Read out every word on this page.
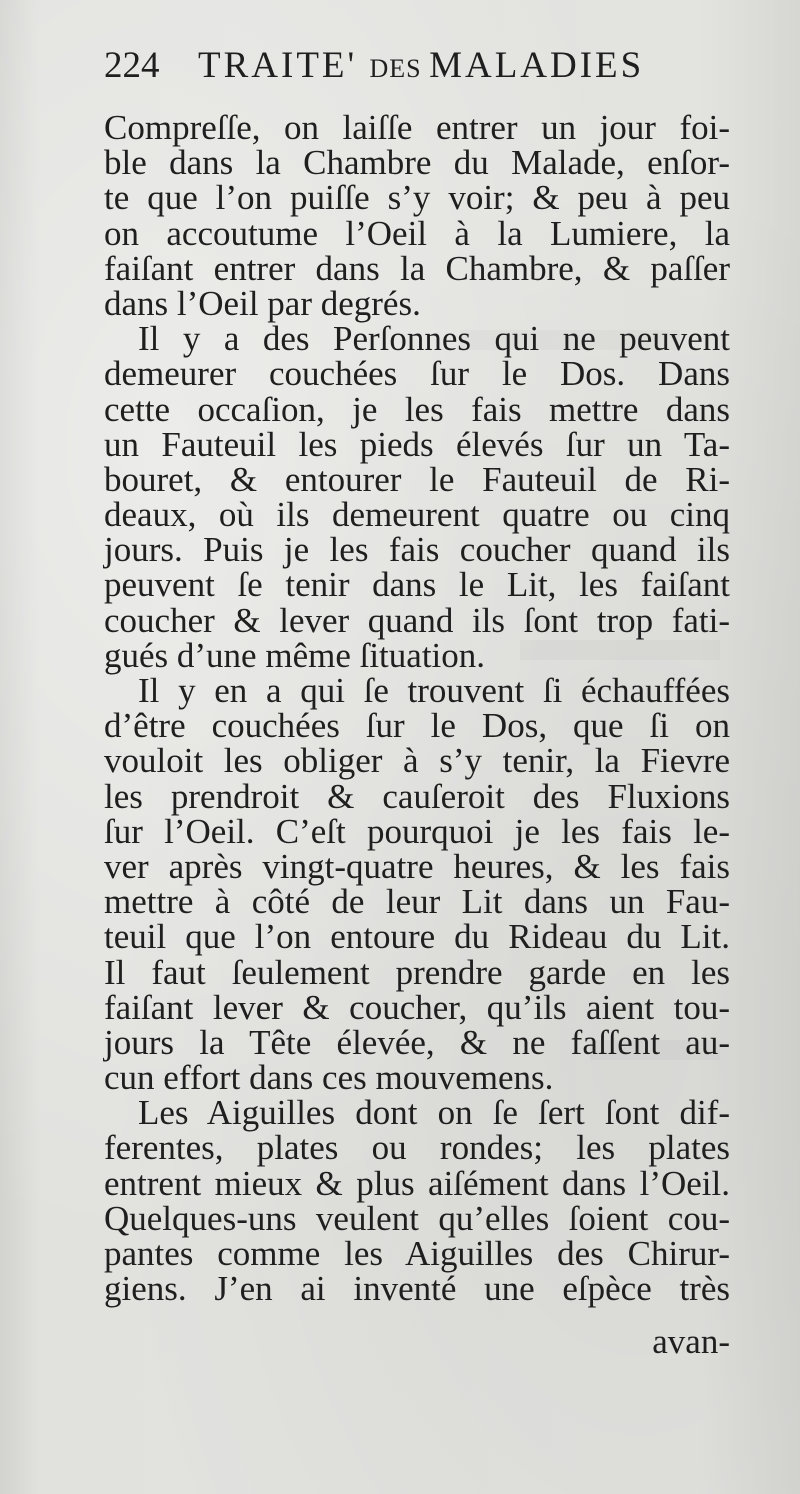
224 TRAITE' DES MALADIES
Compreſſe, on laiſſe entrer un jour foi-
ble dans la Chambre du Malade, enſor-
te que l’on puiſſe s’y voir; & peu à peu
on accoutume l’Oeil à la Lumiere, la
faiſant entrer dans la Chambre, & paſſer
dans l’Oeil par degrés.
Il y a des Perſonnes qui ne peuvent
demeurer couchées ſur le Dos. Dans
cette occaſion, je les fais mettre dans
un Fauteuil les pieds élevés ſur un Ta-
bouret, & entourer le Fauteuil de Ri-
deaux, où ils demeurent quatre ou cinq
jours. Puis je les fais coucher quand ils
peuvent ſe tenir dans le Lit, les faiſant
coucher & lever quand ils ſont trop fati-
gués d’une même ſituation.
Il y en a qui ſe trouvent ſi échauffées
d’être couchées ſur le Dos, que ſi on
vouloit les obliger à s’y tenir, la Fievre
les prendroit & cauſeroit des Fluxions
ſur l’Oeil. C’eſt pourquoi je les fais le-
ver après vingt-quatre heures, & les fais
mettre à côté de leur Lit dans un Fau-
teuil que l’on entoure du Rideau du Lit.
Il faut ſeulement prendre garde en les
faiſant lever & coucher, qu’ils aient tou-
jours la Tête élevée, & ne faſſent au-
cun effort dans ces mouvemens.
Les Aiguilles dont on ſe ſert ſont dif-
ferentes, plates ou rondes; les plates
entrent mieux & plus aiſément dans l’Oeil.
Quelques-uns veulent qu’elles ſoient cou-
pantes comme les Aiguilles des Chirur-
giens. J’en ai inventé une eſpèce très
avan-
